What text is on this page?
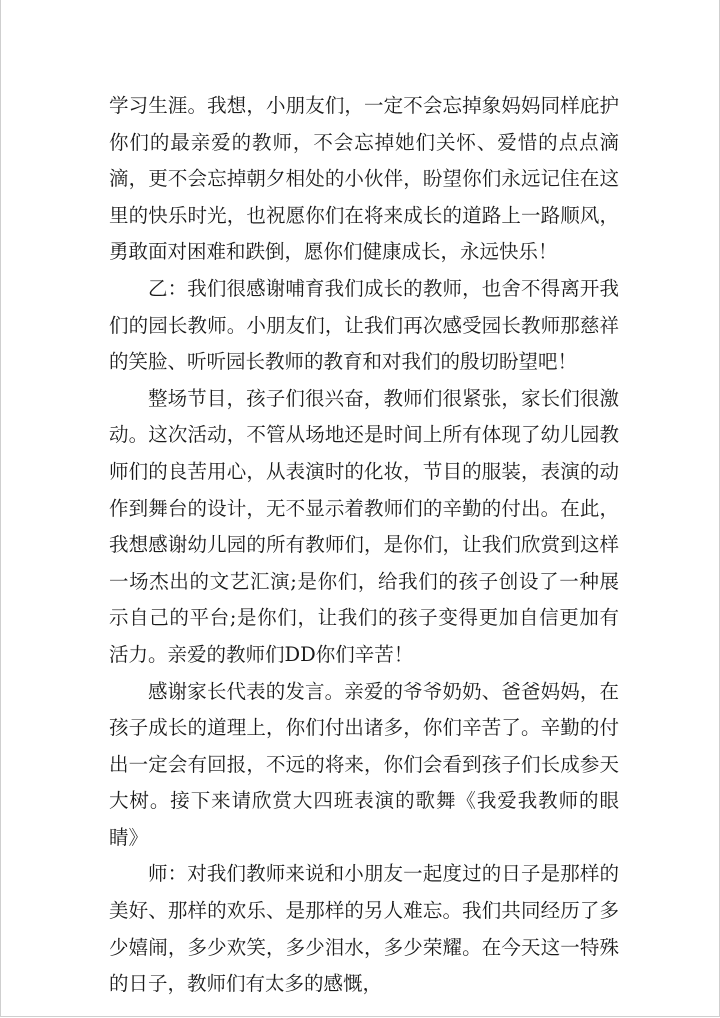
学习生涯。我想，小朋友们，一定不会忘掉象妈妈同样庇护你们的最亲爱的教师，不会忘掉她们关怀、爱惜的点点滴滴，更不会忘掉朝夕相处的小伙伴，盼望你们永远记住在这里的快乐时光，也祝愿你们在将来成长的道路上一路顺风，勇敢面对困难和跌倒，愿你们健康成长，永远快乐！

乙：我们很感谢哺育我们成长的教师，也舍不得离开我们的园长教师。小朋友们，让我们再次感受园长教师那慈祥的笑脸、听听园长教师的教育和对我们的殷切盼望吧！

整场节目，孩子们很兴奋，教师们很紧张，家长们很激动。这次活动，不管从场地还是时间上所有体现了幼儿园教师们的良苦用心，从表演时的化妆，节目的服装，表演的动作到舞台的设计，无不显示着教师们的辛勤的付出。在此，我想感谢幼儿园的所有教师们，是你们，让我们欣赏到这样一场杰出的文艺汇演;是你们，给我们的孩子创设了一种展示自己的平台;是你们，让我们的孩子变得更加自信更加有活力。亲爱的教师们DD你们辛苦！

感谢家长代表的发言。亲爱的爷爷奶奶、爸爸妈妈，在孩子成长的道理上，你们付出诸多，你们辛苦了。辛勤的付出一定会有回报，不远的将来，你们会看到孩子们长成参天大树。接下来请欣赏大四班表演的歌舞《我爱我教师的眼睛》

师：对我们教师来说和小朋友一起度过的日子是那样的美好、那样的欢乐、是那样的另人难忘。我们共同经历了多少嬉闹，多少欢笑，多少泪水，多少荣耀。在今天这一特殊的日子，教师们有太多的感慨，
